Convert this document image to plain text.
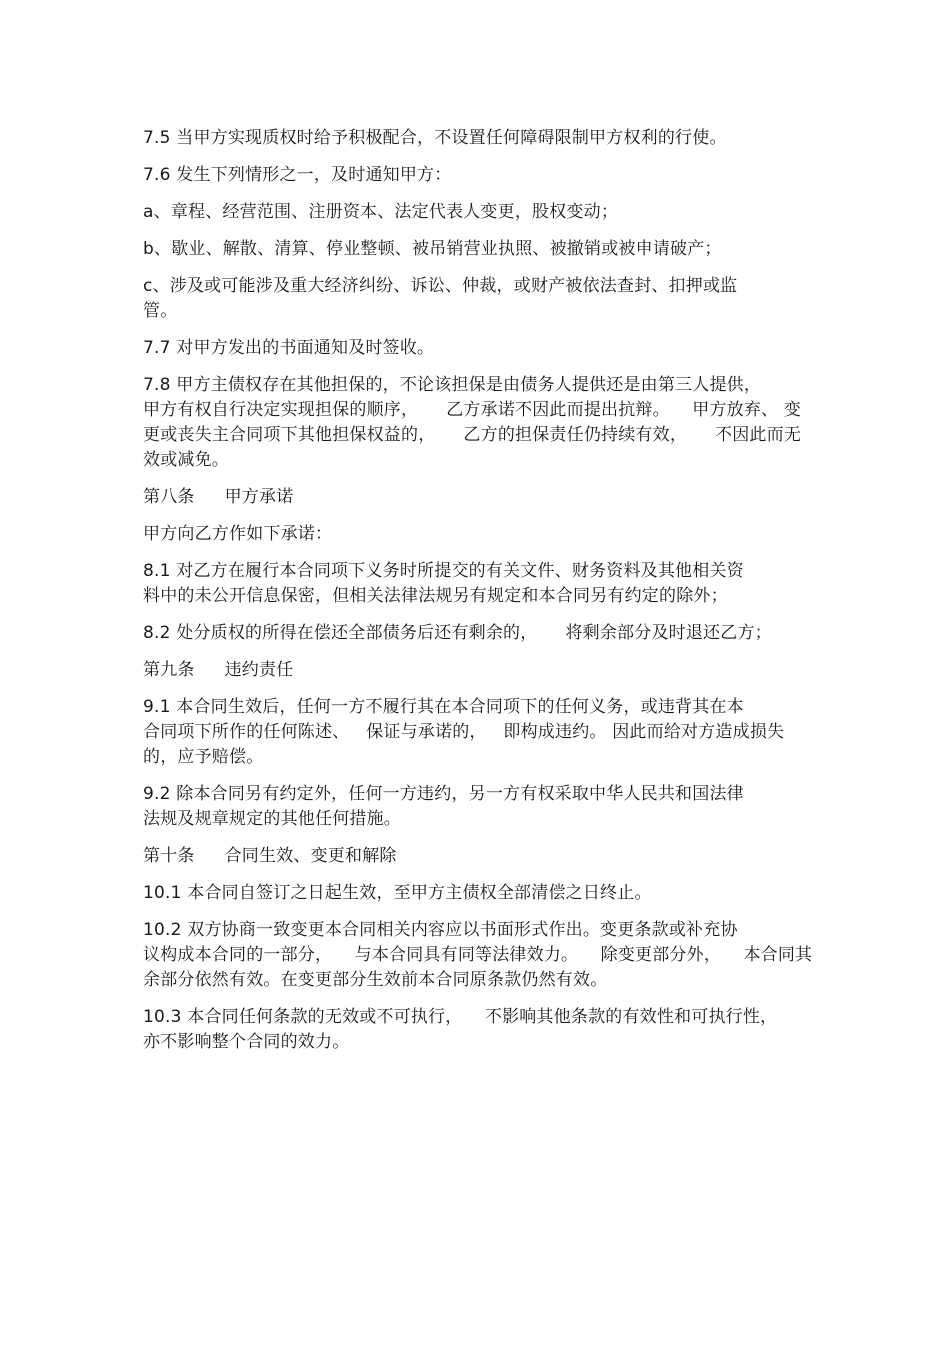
7.5 当甲方实现质权时给予积极配合，不设置任何障碍限制甲方权利的行使。
7.6 发生下列情形之一，及时通知甲方：
a、章程、经营范围、注册资本、法定代表人变更，股权变动；
b、歇业、解散、清算、停业整顿、被吊销营业执照、被撤销或被申请破产；
c、涉及或可能涉及重大经济纠纷、诉讼、仲裁，或财产被依法查封、扣押或监
管。
7.7 对甲方发出的书面通知及时签收。
7.8 甲方主债权存在其他担保的，不论该担保是由债务人提供还是由第三人提供，
甲方有权自行决定实现担保的顺序，     乙方承诺不因此而提出抗辩。    甲方放弃、 变
更或丧失主合同项下其他担保权益的，     乙方的担保责任仍持续有效，     不因此而无
效或减免。
第八条 甲方承诺
甲方向乙方作如下承诺：
8.1 对乙方在履行本合同项下义务时所提交的有关文件、财务资料及其他相关资
料中的未公开信息保密，但相关法律法规另有规定和本合同另有约定的除外；
8.2 处分质权的所得在偿还全部债务后还有剩余的，     将剩余部分及时退还乙方；
第九条 违约责任
9.1 本合同生效后，任何一方不履行其在本合同项下的任何义务，或违背其在本
合同项下所作的任何陈述、   保证与承诺的，   即构成违约。 因此而给对方造成损失
的，应予赔偿。
9.2 除本合同另有约定外，任何一方违约，另一方有权采取中华人民共和国法律
法规及规章规定的其他任何措施。
第十条 合同生效、变更和解除
10.1 本合同自签订之日起生效，至甲方主债权全部清偿之日终止。
10.2 双方协商一致变更本合同相关内容应以书面形式作出。变更条款或补充协
议构成本合同的一部分，    与本合同具有同等法律效力。    除变更部分外，    本合同其
余部分依然有效。在变更部分生效前本合同原条款仍然有效。
10.3 本合同任何条款的无效或不可执行，    不影响其他条款的有效性和可执行性，
亦不影响整个合同的效力。
